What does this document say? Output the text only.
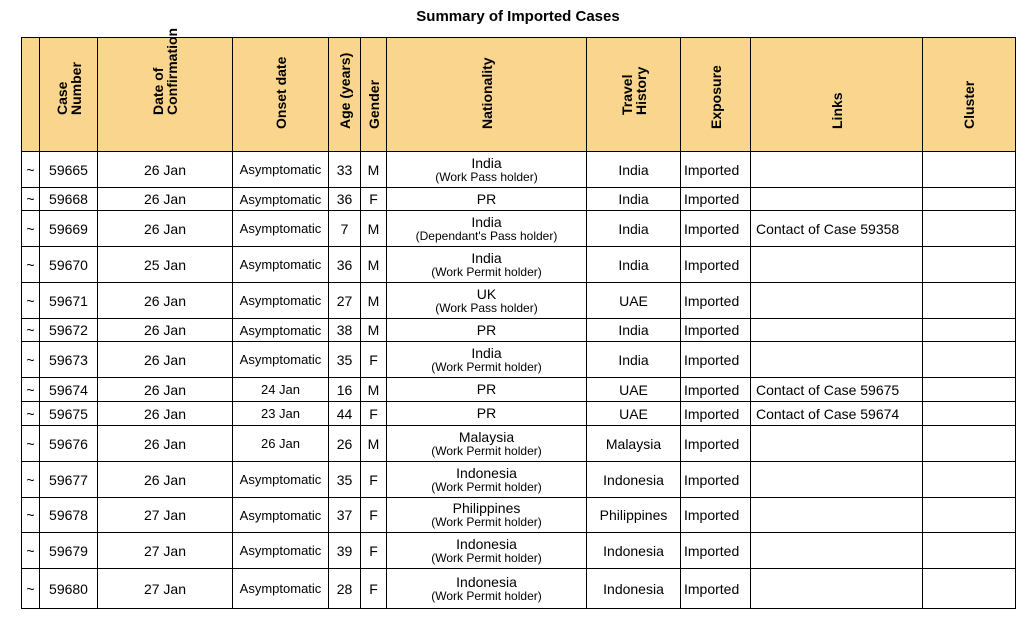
Summary of Imported Cases

	Case
Number	Date of
Confirmation	Onset date	Age (years)	Gender	Nationality	Travel
History	Exposure	Links	Cluster

~	59665	26 Jan	Asymptomatic	33	M	India
(Work Pass holder)	India	Imported		
~	59668	26 Jan	Asymptomatic	36	F	PR	India	Imported		
~	59669	26 Jan	Asymptomatic	7	M	India
(Dependant's Pass holder)	India	Imported	Contact of Case 59358	
~	59670	25 Jan	Asymptomatic	36	M	India
(Work Permit holder)	India	Imported		
~	59671	26 Jan	Asymptomatic	27	M	UK
(Work Pass holder)	UAE	Imported		
~	59672	26 Jan	Asymptomatic	38	M	PR	India	Imported		
~	59673	26 Jan	Asymptomatic	35	F	India
(Work Permit holder)	India	Imported		
~	59674	26 Jan	24 Jan	16	M	PR	UAE	Imported	Contact of Case 59675	
~	59675	26 Jan	23 Jan	44	F	PR	UAE	Imported	Contact of Case 59674	
~	59676	26 Jan	26 Jan	26	M	Malaysia
(Work Permit holder)	Malaysia	Imported		
~	59677	26 Jan	Asymptomatic	35	F	Indonesia
(Work Permit holder)	Indonesia	Imported		
~	59678	27 Jan	Asymptomatic	37	F	Philippines
(Work Permit holder)	Philippines	Imported		
~	59679	27 Jan	Asymptomatic	39	F	Indonesia
(Work Permit holder)	Indonesia	Imported		
~	59680	27 Jan	Asymptomatic	28	F	Indonesia
(Work Permit holder)	Indonesia	Imported		
